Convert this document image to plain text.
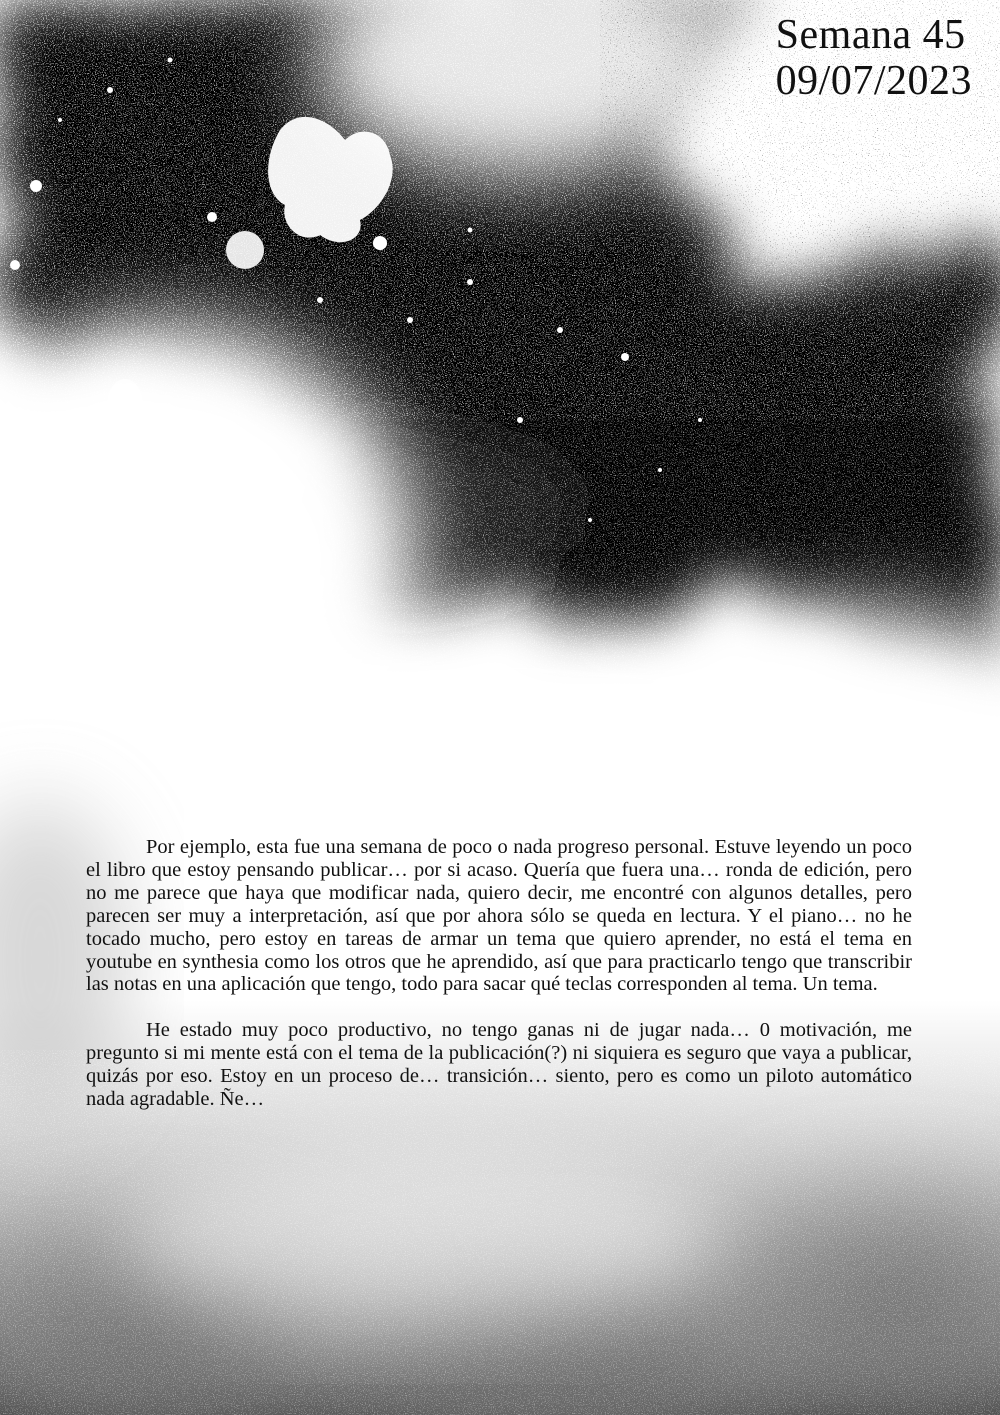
Semana 45
09/07/2023

Por ejemplo, esta fue una semana de poco o nada progreso personal. Estuve leyendo un poco el libro que estoy pensando publicar… por si acaso. Quería que fuera una… ronda de edición, pero no me parece que haya que modificar nada, quiero decir, me encontré con algunos detalles, pero parecen ser muy a interpretación, así que por ahora sólo se queda en lectura. Y el piano… no he tocado mucho, pero estoy en tareas de armar un tema que quiero aprender, no está el tema en youtube en synthesia como los otros que he aprendido, así que para practicarlo tengo que transcribir las notas en una aplicación que tengo, todo para sacar qué teclas corresponden al tema. Un tema.

He estado muy poco productivo, no tengo ganas ni de jugar nada… 0 motivación, me pregunto si mi mente está con el tema de la publicación(?) ni siquiera es seguro que vaya a publicar, quizás por eso. Estoy en un proceso de… transición… siento, pero es como un piloto automático nada agradable. Ñe…
